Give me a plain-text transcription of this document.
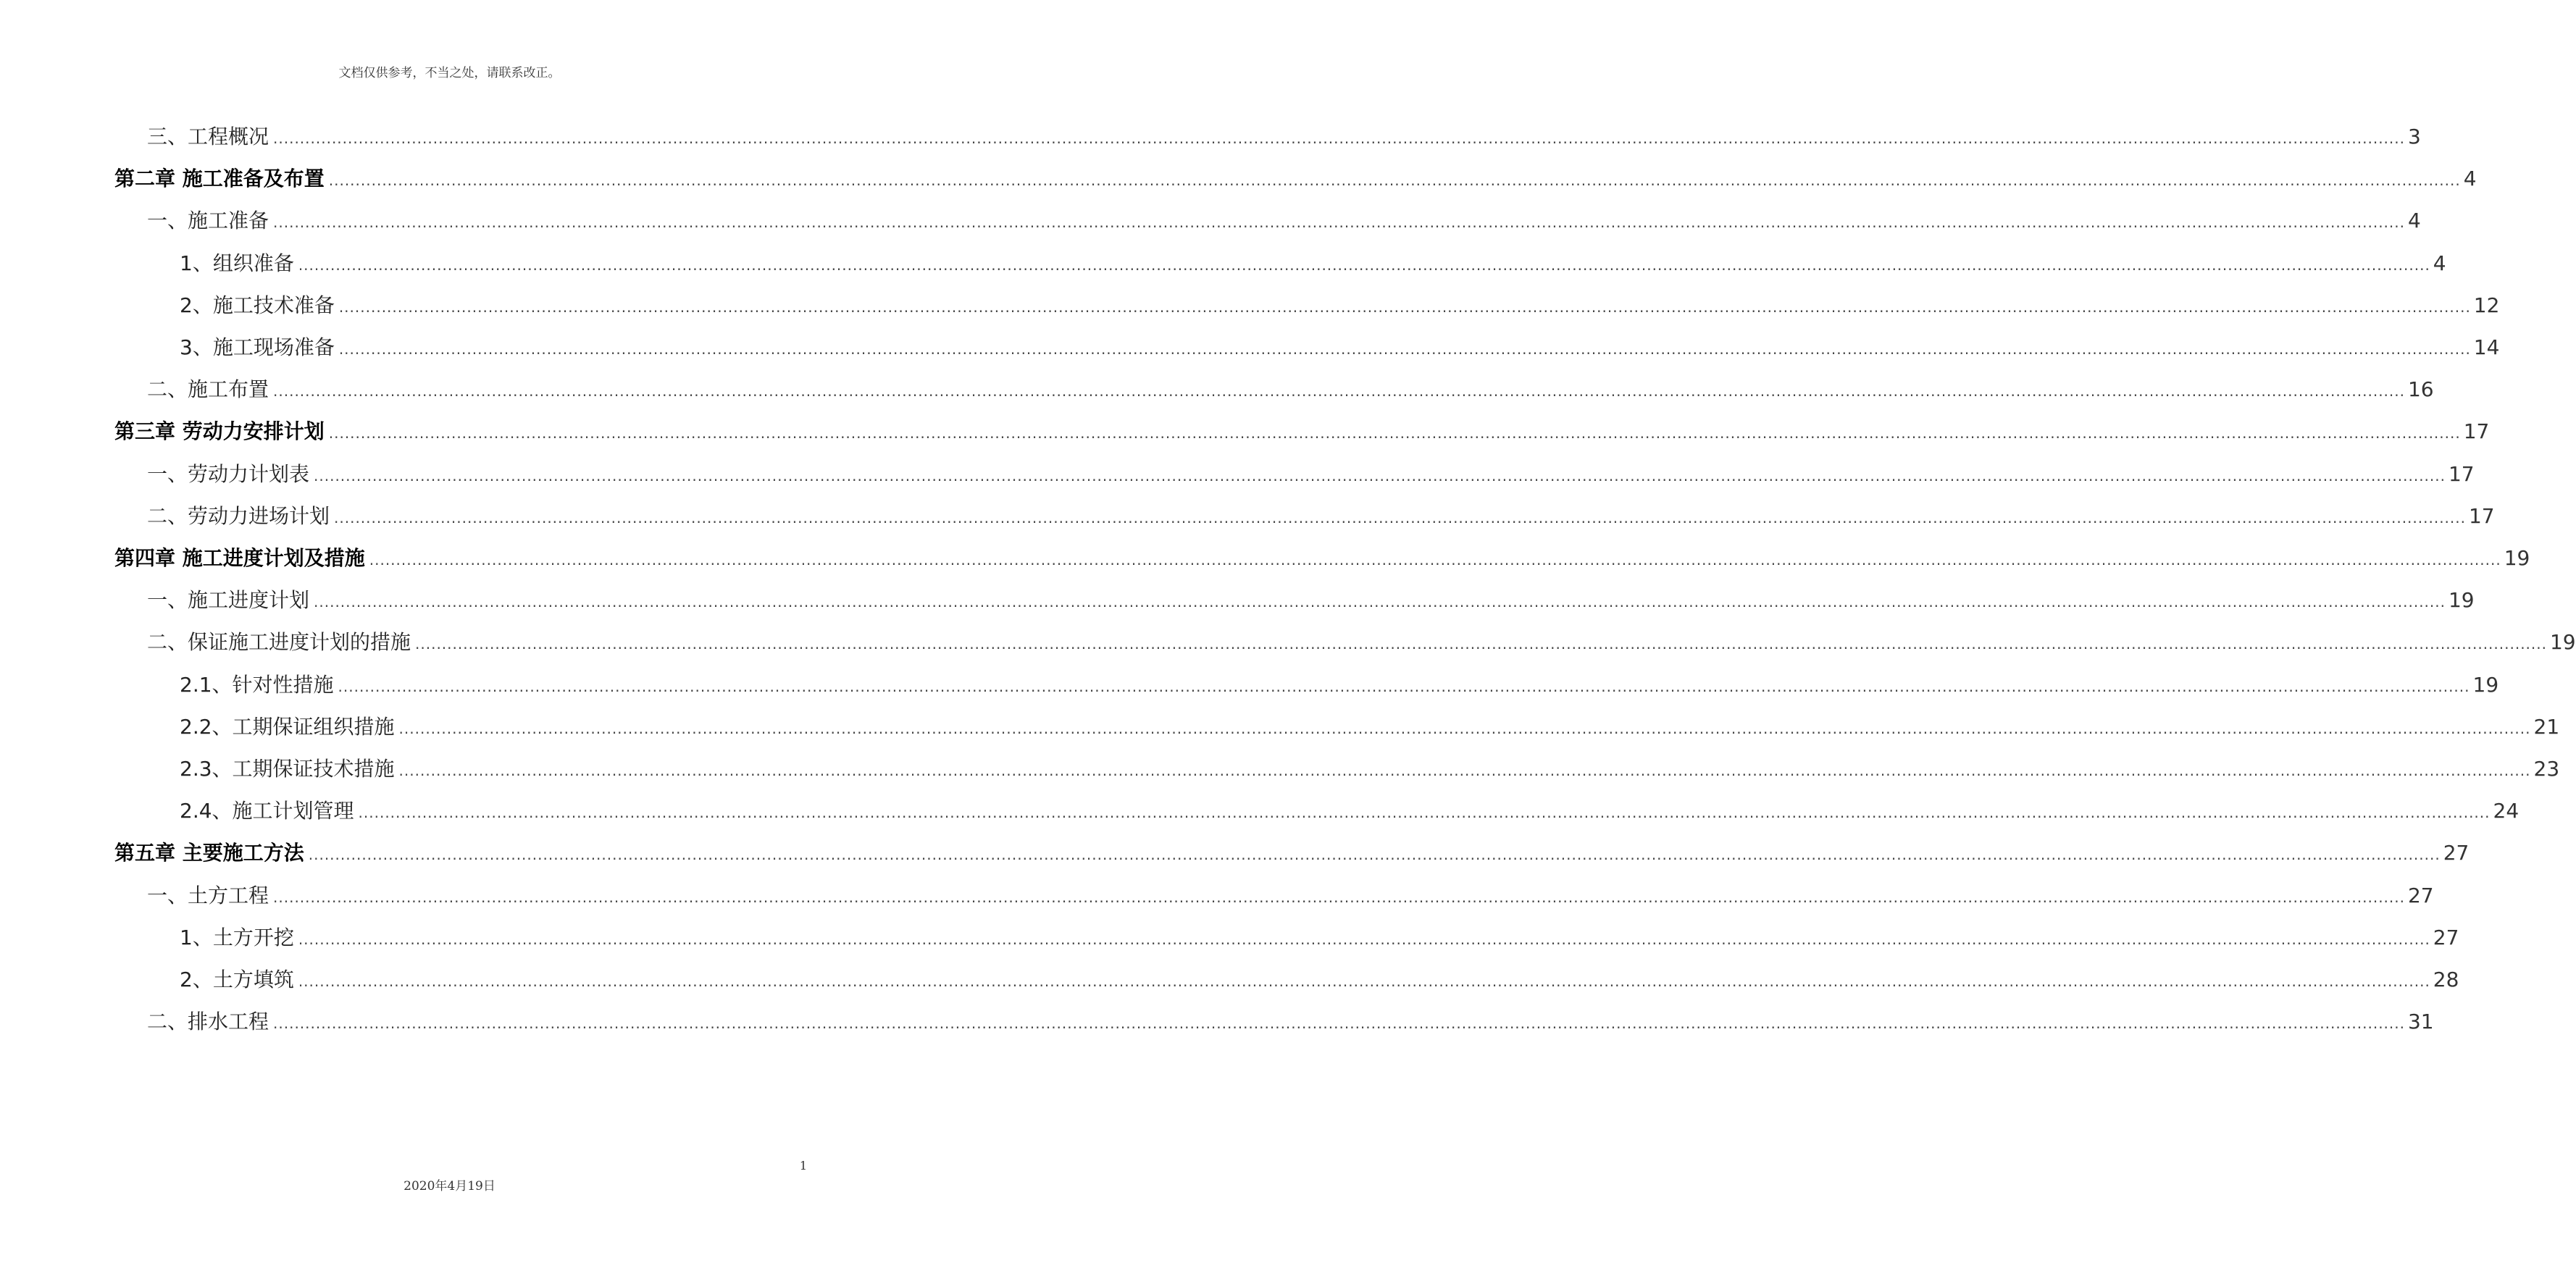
文档仅供参考，不当之处，请联系改正。
三、工程概况 ................................................................................................................................................................................................................................................................................................................................................................................................................ 3
第二章 施工准备及布置 ................................................................................................................................................................................................................................................................................................................................................................................................................ 4
一、施工准备 ................................................................................................................................................................................................................................................................................................................................................................................................................ 4
1、组织准备 ................................................................................................................................................................................................................................................................................................................................................................................................................ 4
2、施工技术准备 ................................................................................................................................................................................................................................................................................................................................................................................................................ 12
3、施工现场准备 ................................................................................................................................................................................................................................................................................................................................................................................................................ 14
二、施工布置 ................................................................................................................................................................................................................................................................................................................................................................................................................ 16
第三章 劳动力安排计划 ................................................................................................................................................................................................................................................................................................................................................................................................................ 17
一、劳动力计划表 ................................................................................................................................................................................................................................................................................................................................................................................................................ 17
二、劳动力进场计划 ................................................................................................................................................................................................................................................................................................................................................................................................................ 17
第四章 施工进度计划及措施 ................................................................................................................................................................................................................................................................................................................................................................................................................ 19
一、施工进度计划 ................................................................................................................................................................................................................................................................................................................................................................................................................ 19
二、保证施工进度计划的措施 ................................................................................................................................................................................................................................................................................................................................................................................................................ 19
2.1、针对性措施 ................................................................................................................................................................................................................................................................................................................................................................................................................ 19
2.2、工期保证组织措施 ................................................................................................................................................................................................................................................................................................................................................................................................................ 21
2.3、工期保证技术措施 ................................................................................................................................................................................................................................................................................................................................................................................................................ 23
2.4、施工计划管理 ................................................................................................................................................................................................................................................................................................................................................................................................................ 24
第五章 主要施工方法 ................................................................................................................................................................................................................................................................................................................................................................................................................ 27
一、土方工程 ................................................................................................................................................................................................................................................................................................................................................................................................................ 27
1、土方开挖 ................................................................................................................................................................................................................................................................................................................................................................................................................ 27
2、土方填筑 ................................................................................................................................................................................................................................................................................................................................................................................................................ 28
二、排水工程 ................................................................................................................................................................................................................................................................................................................................................................................................................ 31
1
2020年4月19日
